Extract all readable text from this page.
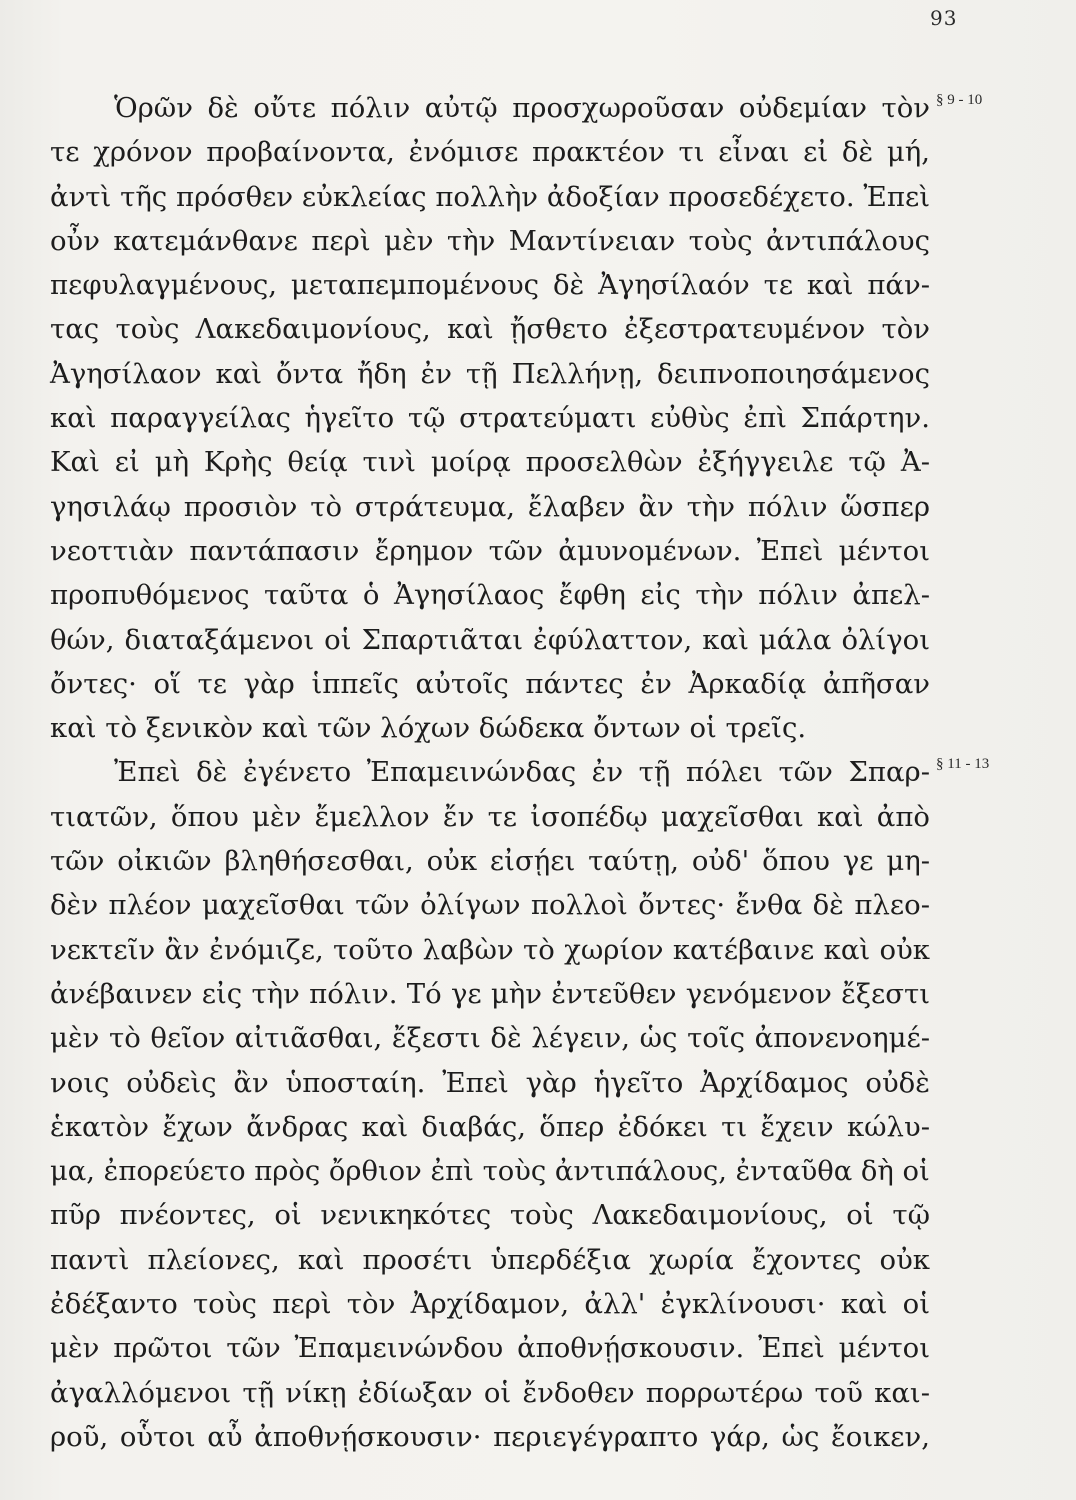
93
§ 9 - 10
§ 11 - 13
Ὁρῶν δὲ οὔτε πόλιν αὐτῷ προσχωροῦσαν οὐδεμίαν τὸν
τε χρόνον προβαίνοντα, ἐνόμισε πρακτέον τι εἶναι εἰ δὲ μή,
ἀντὶ τῆς πρόσθεν εὐκλείας πολλὴν ἀδοξίαν προσεδέχετο. Ἐπεὶ
οὖν κατεμάνθανε περὶ μὲν τὴν Μαντίνειαν τοὺς ἀντιπάλους
πεφυλαγμένους, μεταπεμπομένους δὲ Ἀγησίλαόν τε καὶ πάν-
τας τοὺς Λακεδαιμονίους, καὶ ᾔσθετο ἐξεστρατευμένον τὸν
Ἀγησίλαον καὶ ὄντα ἤδη ἐν τῇ Πελλήνῃ, δειπνοποιησάμενος
καὶ παραγγείλας ἡγεῖτο τῷ στρατεύματι εὐθὺς ἐπὶ Σπάρτην.
Καὶ εἰ μὴ Κρὴς θείᾳ τινὶ μοίρᾳ προσελθὼν ἐξήγγειλε τῷ Ἀ-
γησιλάῳ προσιὸν τὸ στράτευμα, ἔλαβεν ἂν τὴν πόλιν ὥσπερ
νεοττιὰν παντάπασιν ἔρημον τῶν ἀμυνομένων. Ἐπεὶ μέντοι
προπυθόμενος ταῦτα ὁ Ἀγησίλαος ἔφθη εἰς τὴν πόλιν ἀπελ-
θών, διαταξάμενοι οἱ Σπαρτιᾶται ἐφύλαττον, καὶ μάλα ὀλίγοι
ὄντες· οἵ τε γὰρ ἱππεῖς αὐτοῖς πάντες ἐν Ἀρκαδίᾳ ἀπῆσαν
καὶ τὸ ξενικὸν καὶ τῶν λόχων δώδεκα ὄντων οἱ τρεῖς.
Ἐπεὶ δὲ ἐγένετο Ἐπαμεινώνδας ἐν τῇ πόλει τῶν Σπαρ-
τιατῶν, ὅπου μὲν ἔμελλον ἔν τε ἰσοπέδῳ μαχεῖσθαι καὶ ἀπὸ
τῶν οἰκιῶν βληθήσεσθαι, οὐκ εἰσῄει ταύτῃ, οὐδ' ὅπου γε μη-
δὲν πλέον μαχεῖσθαι τῶν ὀλίγων πολλοὶ ὄντες· ἔνθα δὲ πλεο-
νεκτεῖν ἂν ἐνόμιζε, τοῦτο λαβὼν τὸ χωρίον κατέβαινε καὶ οὐκ
ἀνέβαινεν εἰς τὴν πόλιν. Τό γε μὴν ἐντεῦθεν γενόμενον ἔξεστι
μὲν τὸ θεῖον αἰτιᾶσθαι, ἔξεστι δὲ λέγειν, ὡς τοῖς ἀπονενοημέ-
νοις οὐδεὶς ἂν ὑποσταίη. Ἐπεὶ γὰρ ἡγεῖτο Ἀρχίδαμος οὐδὲ
ἑκατὸν ἔχων ἄνδρας καὶ διαβάς, ὅπερ ἐδόκει τι ἔχειν κώλυ-
μα, ἐπορεύετο πρὸς ὄρθιον ἐπὶ τοὺς ἀντιπάλους, ἐνταῦθα δὴ οἱ
πῦρ πνέοντες, οἱ νενικηκότες τοὺς Λακεδαιμονίους, οἱ τῷ
παντὶ πλείονες, καὶ προσέτι ὑπερδέξια χωρία ἔχοντες οὐκ
ἐδέξαντο τοὺς περὶ τὸν Ἀρχίδαμον, ἀλλ' ἐγκλίνουσι· καὶ οἱ
μὲν πρῶτοι τῶν Ἐπαμεινώνδου ἀποθνῄσκουσιν. Ἐπεὶ μέντοι
ἀγαλλόμενοι τῇ νίκῃ ἐδίωξαν οἱ ἔνδοθεν πορρωτέρω τοῦ και-
ροῦ, οὗτοι αὖ ἀποθνῄσκουσιν· περιεγέγραπτο γάρ, ὡς ἔοικεν,
